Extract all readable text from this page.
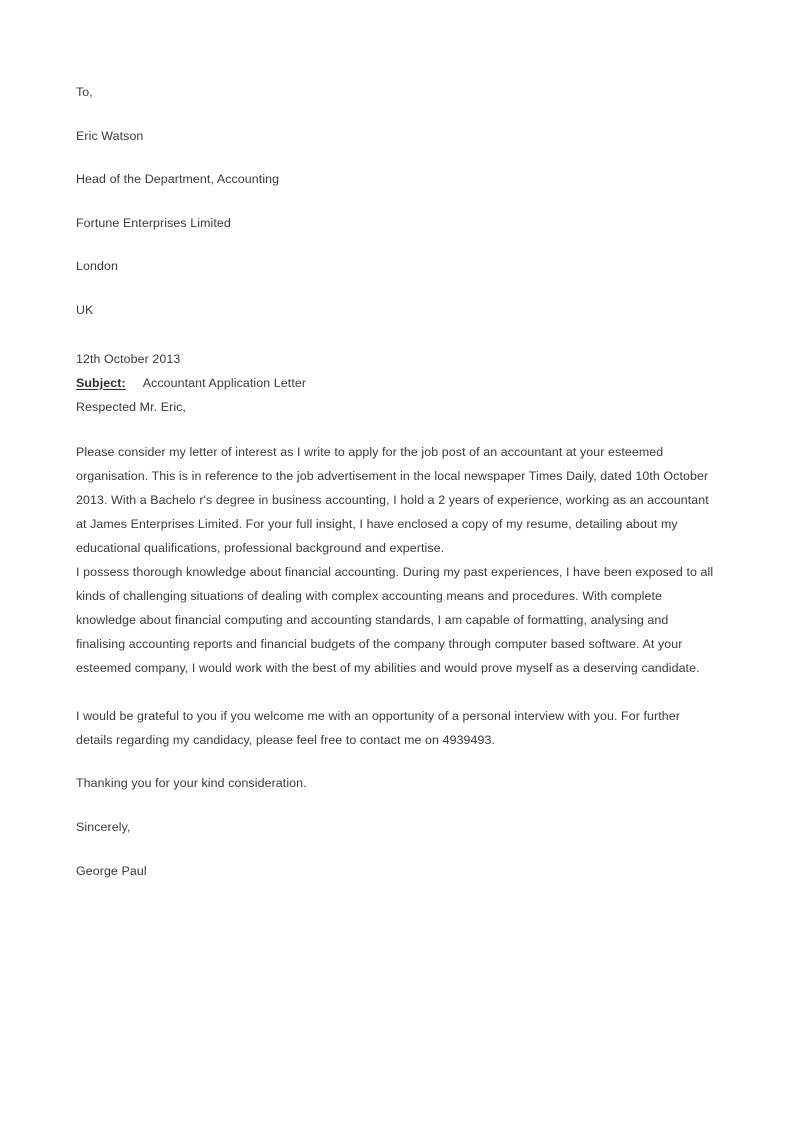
To,

Eric Watson

Head of the Department, Accounting

Fortune Enterprises Limited

London

UK

12th October 2013

Subject: Accountant Application Letter

Respected Mr. Eric,

Please consider my letter of interest as I write to apply for the job post of an accountant at your esteemed organisation. This is in reference to the job advertisement in the local newspaper Times Daily, dated 10th October 2013. With a Bachelo r's degree in business accounting, I hold a 2 years of experience, working as an accountant at James Enterprises Limited. For your full insight, I have enclosed a copy of my resume, detailing about my educational qualifications, professional background and expertise.

I possess thorough knowledge about financial accounting. During my past experiences, I have been exposed to all kinds of challenging situations of dealing with complex accounting means and procedures. With complete knowledge about financial computing and accounting standards, I am capable of formatting, analysing and finalising accounting reports and financial budgets of the company through computer based software. At your esteemed company, I would work with the best of my abilities and would prove myself as a deserving candidate.

I would be grateful to you if you welcome me with an opportunity of a personal interview with you. For further details regarding my candidacy, please feel free to contact me on 4939493.

Thanking you for your kind consideration.

Sincerely,

George Paul
